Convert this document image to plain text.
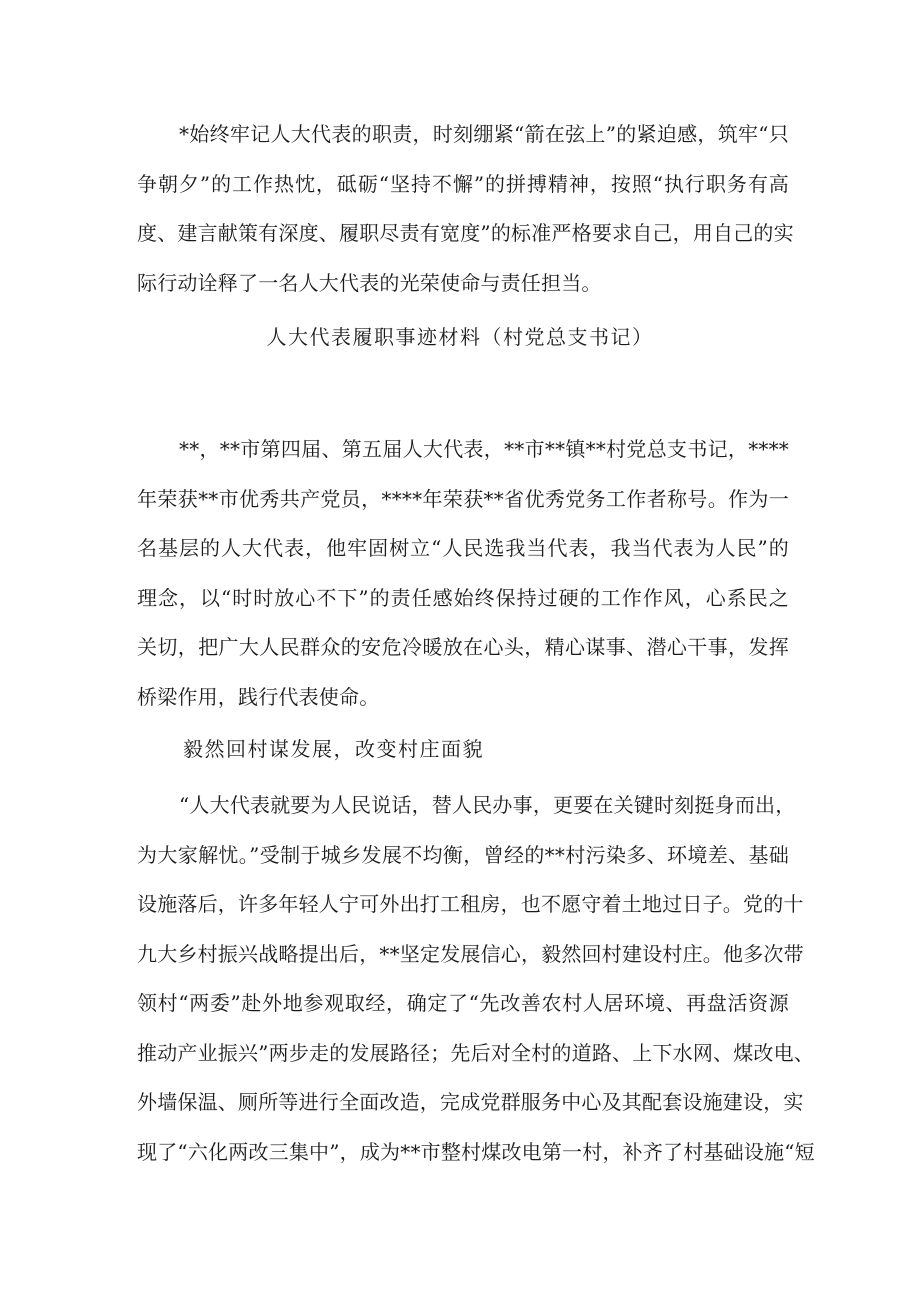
*始终牢记人大代表的职责，时刻绷紧“箭在弦上”的紧迫感，筑牢“只
争朝夕”的工作热忱，砥砺“坚持不懈”的拼搏精神，按照“执行职务有高
度、建言献策有深度、履职尽责有宽度”的标准严格要求自己，用自己的实
际行动诠释了一名人大代表的光荣使命与责任担当。
人大代表履职事迹材料（村党总支书记）
**，**市第四届、第五届人大代表，**市**镇**村党总支书记，****
年荣获**市优秀共产党员，****年荣获**省优秀党务工作者称号。作为一
名基层的人大代表，他牢固树立“人民选我当代表，我当代表为人民”的
理念，以“时时放心不下”的责任感始终保持过硬的工作作风，心系民之
关切，把广大人民群众的安危冷暖放在心头，精心谋事、潜心干事，发挥
桥梁作用，践行代表使命。
毅然回村谋发展，改变村庄面貌
“人大代表就要为人民说话，替人民办事，更要在关键时刻挺身而出，
为大家解忧。”受制于城乡发展不均衡，曾经的**村污染多、环境差、基础
设施落后，许多年轻人宁可外出打工租房，也不愿守着土地过日子。党的十
九大乡村振兴战略提出后，**坚定发展信心，毅然回村建设村庄。他多次带
领村“两委”赴外地参观取经，确定了“先改善农村人居环境、再盘活资源
推动产业振兴”两步走的发展路径；先后对全村的道路、上下水网、煤改电、
外墙保温、厕所等进行全面改造，完成党群服务中心及其配套设施建设，实
现了“六化两改三集中”，成为**市整村煤改电第一村，补齐了村基础设施“短
